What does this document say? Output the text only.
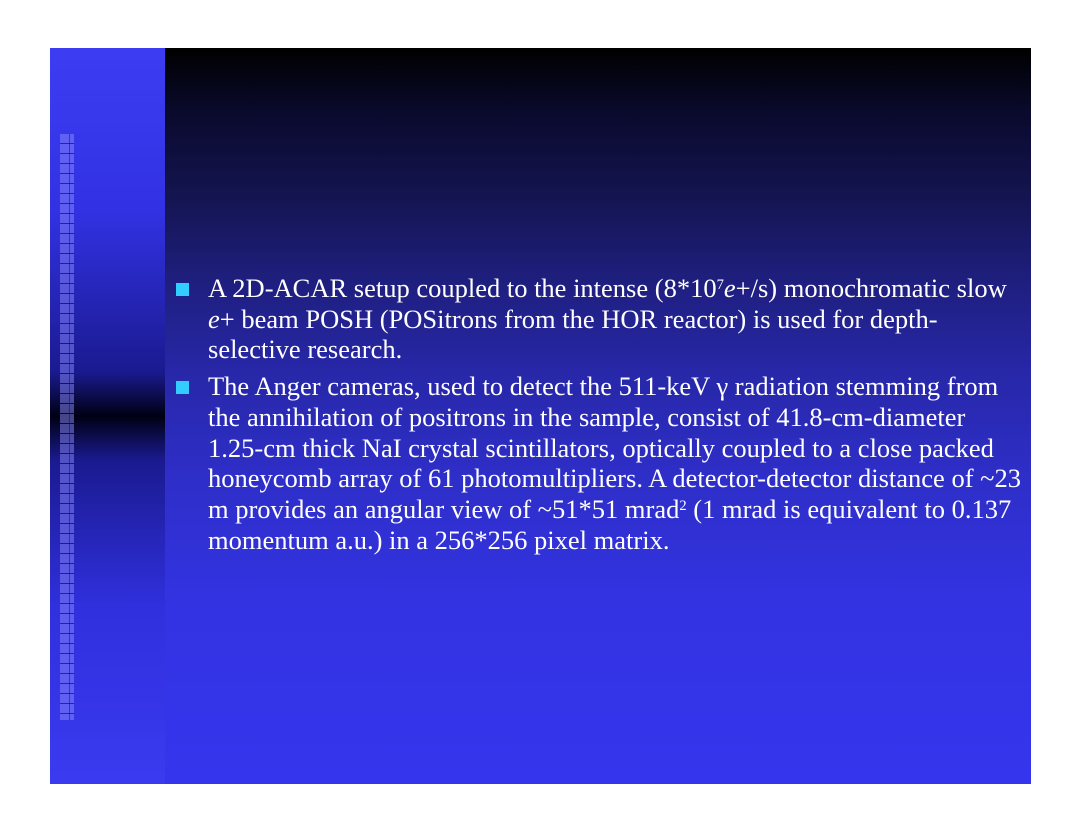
A 2D-ACAR setup coupled to the intense $(8*10^7e+/s)$ monochromatic slow e+ beam POSH (POSitrons from the HOR reactor) is used for depth-selective research.
The Anger cameras, used to detect the 511-keV γ radiation stemming from the annihilation of positrons in the sample, consist of 41.8-cm-diameter 1.25-cm thick NaI crystal scintillators, optically coupled to a close packed honeycomb array of 61 photomultipliers. A detector-detector distance of ~23 m provides an angular view of ~51*51 mrad$^2$ (1 mrad is equivalent to 0.137 momentum a.u.) in a 256*256 pixel matrix.
